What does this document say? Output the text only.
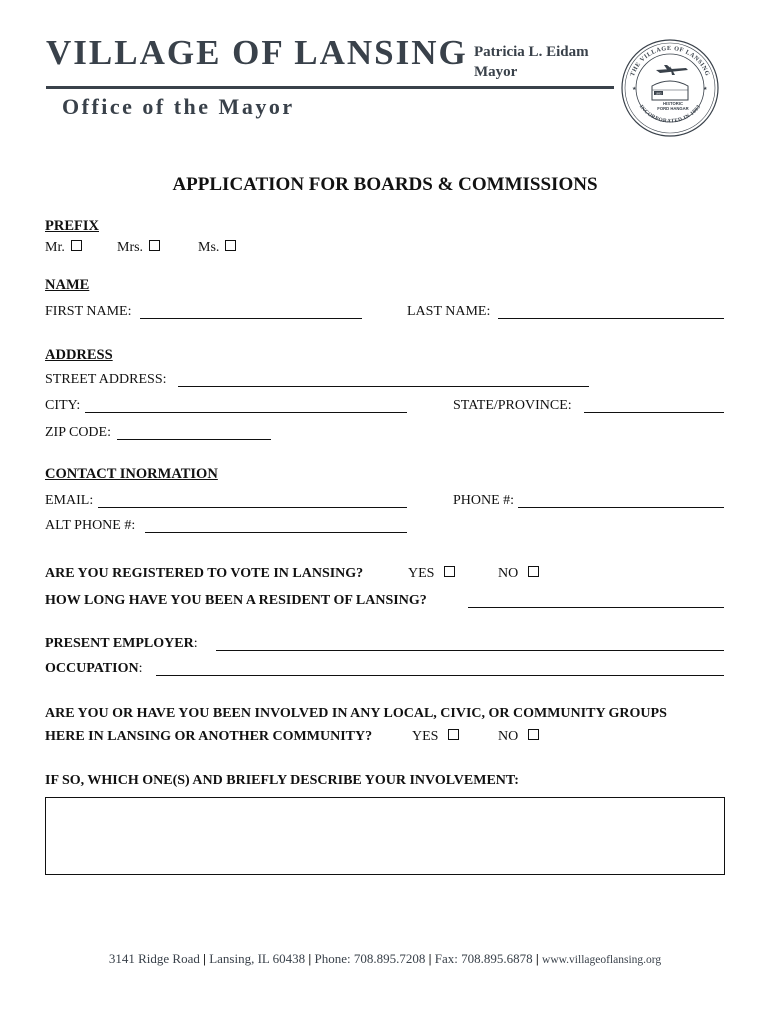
VILLAGE OF LANSING
Office of the Mayor
Patricia L. Eidam
Mayor	THE VILLAGE OF LANSING
INCORPORATED IN 1893
1893
HISTORIC
FORD HANGAR
★	★
APPLICATION FOR BOARDS & COMMISSIONS
PREFIX
Mr.	Mrs.	Ms.
NAME
FIRST NAME:	LAST NAME:
ADDRESS
STREET ADDRESS:
CITY:	STATE/PROVINCE:
ZIP CODE:
CONTACT INORMATION
EMAIL:	PHONE #:
ALT PHONE #:
ARE YOU REGISTERED TO VOTE IN LANSING?	YES	NO
HOW LONG HAVE YOU BEEN A RESIDENT OF LANSING?
PRESENT EMPLOYER:
OCCUPATION:
ARE YOU OR HAVE YOU BEEN INVOLVED IN ANY LOCAL, CIVIC, OR COMMUNITY GROUPS
HERE IN LANSING OR ANOTHER COMMUNITY?	YES	NO
IF SO, WHICH ONE(S) AND BRIEFLY DESCRIBE YOUR INVOLVEMENT:
3141 Ridge Road | Lansing, IL 60438 | Phone: 708.895.7208 | Fax: 708.895.6878 | www.villageoflansing.org
